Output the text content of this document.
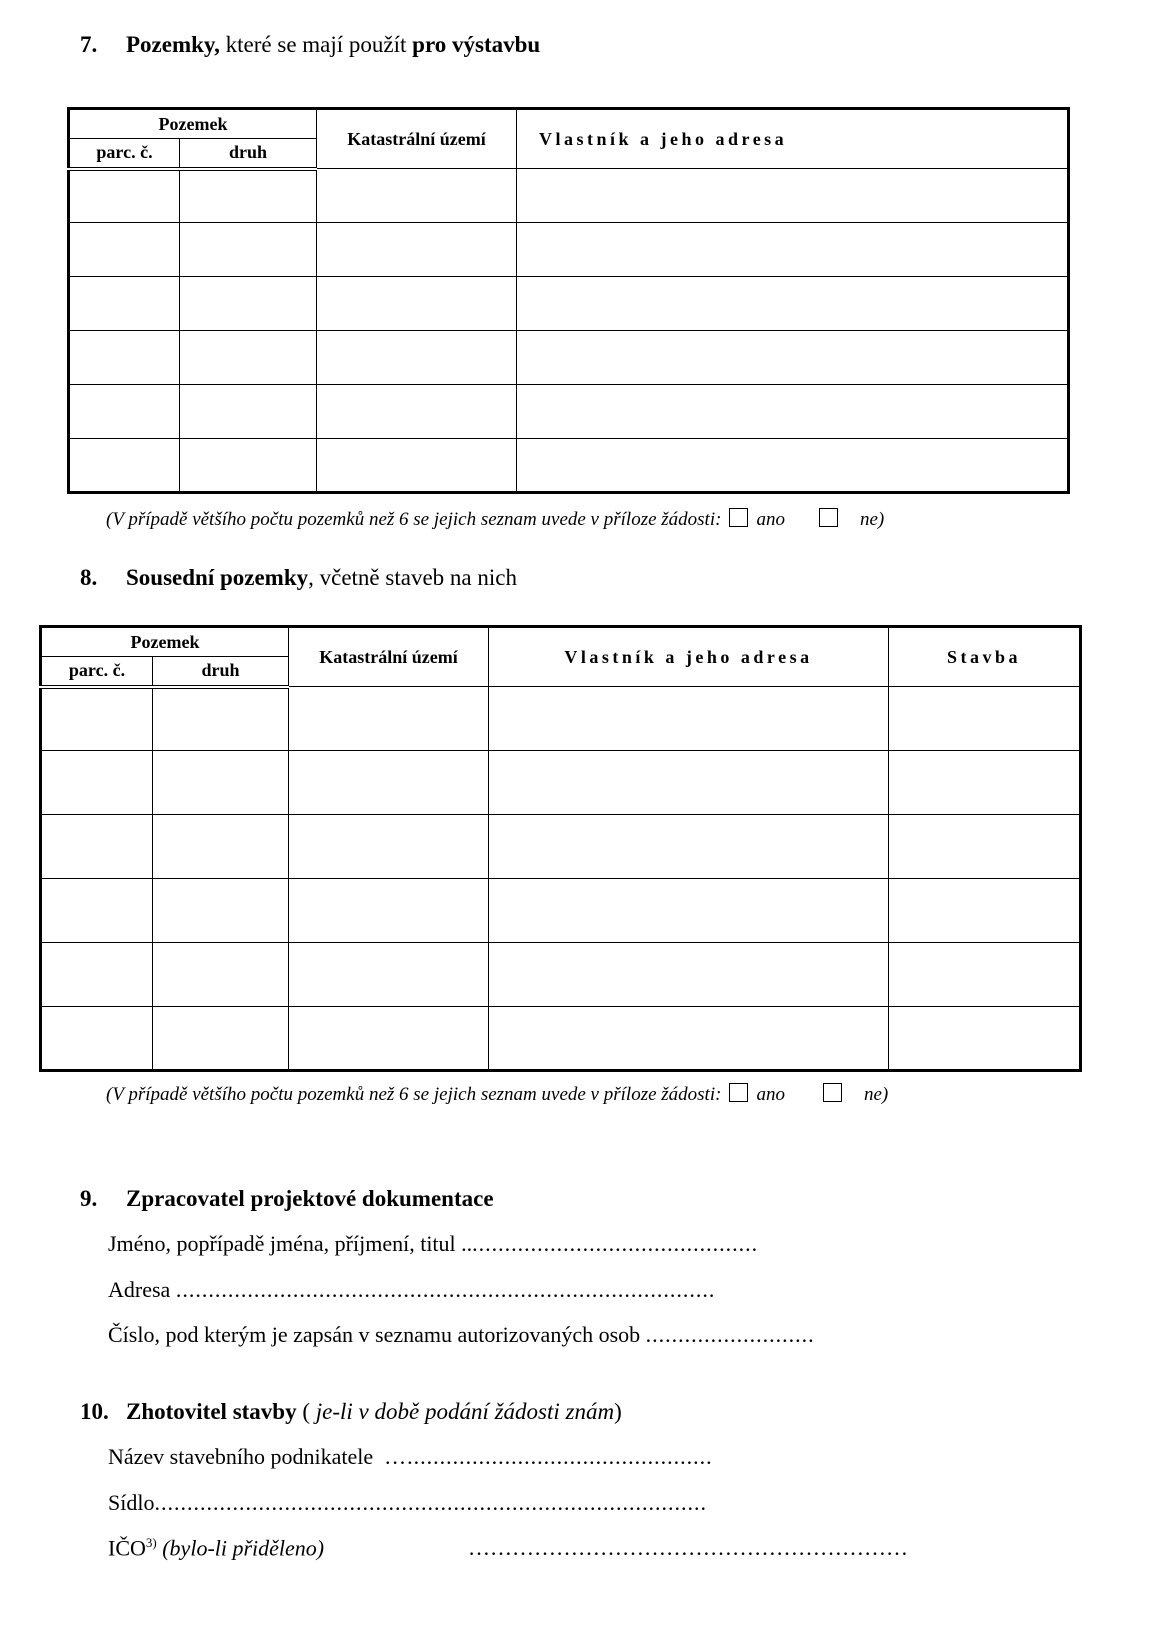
7. Pozemky, které se mají použít pro výstavbu
Pozemek		Katastrální území	Vlastník a jeho adresa
parc. č.	druh		

(V případě většího počtu pozemků než 6 se jejich seznam uvede v příloze žádosti: ano	ne)
8. Sousední pozemky, včetně staveb na nich
Pozemek		Katastrální území	Vlastník a jeho adresa	Stavba
parc. č.	druh			

(V případě většího počtu pozemků než 6 se jejich seznam uvede v příloze žádosti: ano	ne)
9. Zpracovatel projektové dokumentace
Jméno, popřípadě jména, příjmení, titul ..............................................
Adresa ...................................................................................
Číslo, pod kterým je zapsán v seznamu autorizovaných osob ..........................
10. Zhotovitel stavby ( je-li v době podání žádosti znám)
Název stavebního podnikatele …...............................................
Sídlo.....................................................................................
IČO$^{3)}$ (bylo-li přiděleno)	……………………………………………………
